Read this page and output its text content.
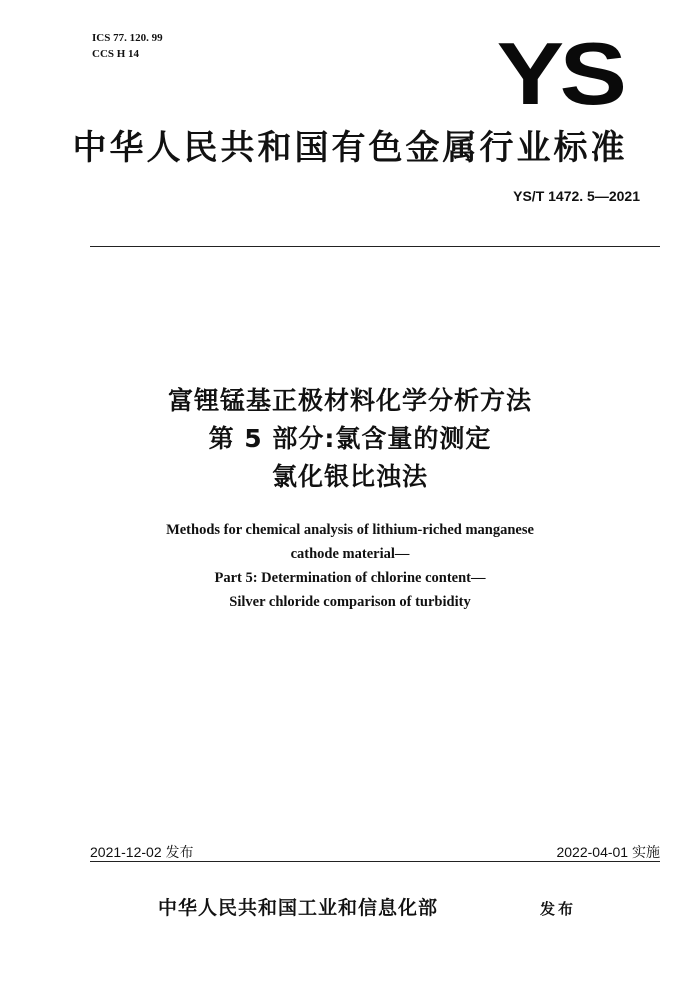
ICS 77. 120. 99
CCS H 14	YS
中华人民共和国有色金属行业标准
YS/T 1472. 5—2021
富锂锰基正极材料化学分析方法
第 5 部分:氯含量的测定
氯化银比浊法
Methods for chemical analysis of lithium-riched manganese
cathode material—
Part 5: Determination of chlorine content—
Silver chloride comparison of turbidity
2021-12-02 发布	2022-04-01 实施
中华人民共和国工业和信息化部	发布
